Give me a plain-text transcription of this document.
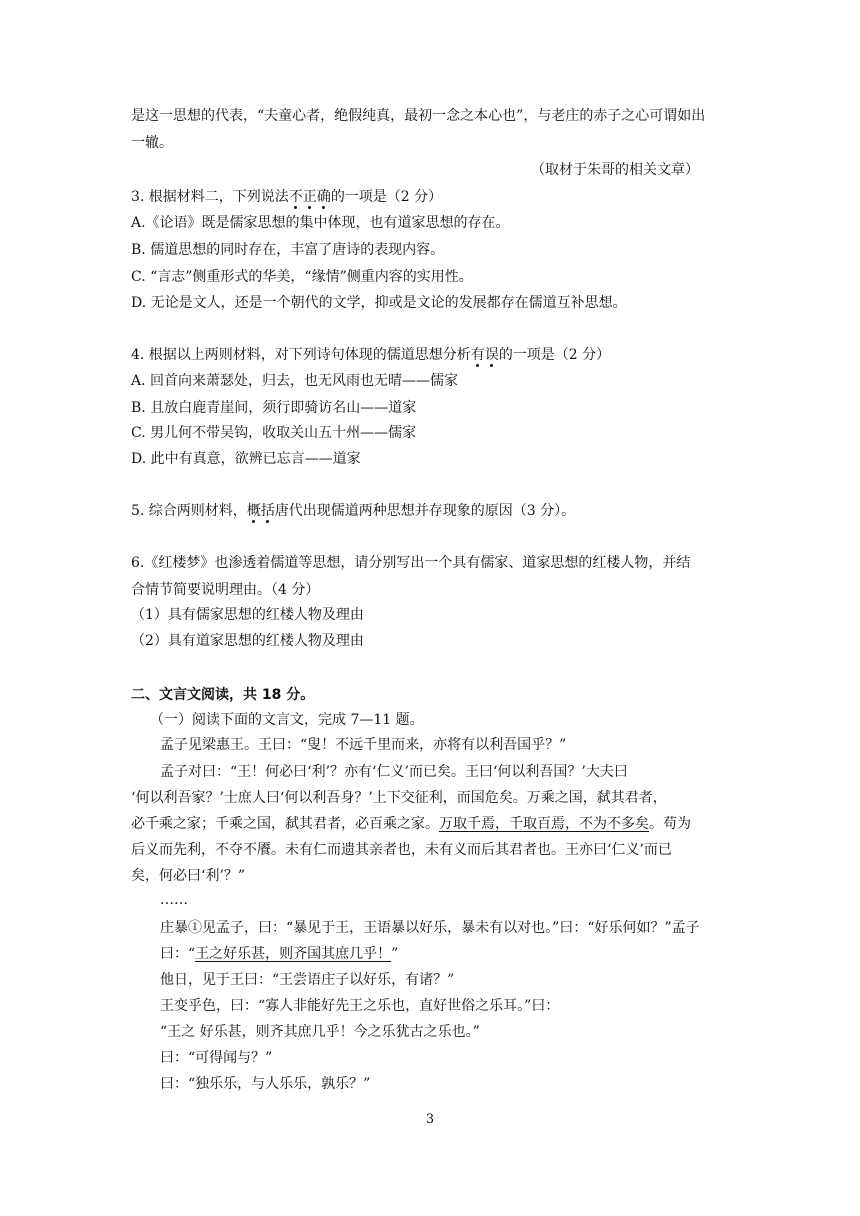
是这一思想的代表，“夫童心者，绝假纯真，最初一念之本心也”，与老庄的赤子之心可谓如出
一辙。
（取材于朱哥的相关文章）
3. 根据材料二，下列说法不正确的一项是（2 分）
A.《论语》既是儒家思想的集中体现，也有道家思想的存在。
B. 儒道思想的同时存在，丰富了唐诗的表现内容。
C. “言志”侧重形式的华美，“缘情”侧重内容的实用性。
D. 无论是文人，还是一个朝代的文学，抑或是文论的发展都存在儒道互补思想。
4. 根据以上两则材料，对下列诗句体现的儒道思想分析有误的一项是（2 分）
A. 回首向来萧瑟处，归去，也无风雨也无晴——儒家
B. 且放白鹿青崖间，须行即骑访名山——道家
C. 男儿何不带吴钩，收取关山五十州——儒家
D. 此中有真意，欲辨已忘言——道家
5. 综合两则材料，概括唐代出现儒道两种思想并存现象的原因（3 分）。
6.《红楼梦》也渗透着儒道等思想，请分别写出一个具有儒家、道家思想的红楼人物，并结
合情节简要说明理由。（4 分）
（1）具有儒家思想的红楼人物及理由
（2）具有道家思想的红楼人物及理由
二、文言文阅读，共 18 分。
（一）阅读下面的文言文，完成 7—11 题。
孟子见梁惠王。王曰：“叟！不远千里而来，亦将有以利吾国乎？”
孟子对曰：“王！何必曰‘利’？亦有‘仁义’而已矣。王曰‘何以利吾国？’大夫曰
‘何以利吾家？’士庶人曰‘何以利吾身？’上下交征利，而国危矣。万乘之国，弑其君者，
必千乘之家；千乘之国，弑其君者，必百乘之家。万取千焉，千取百焉，不为不多矣。苟为
后义而先利，不夺不餍。未有仁而遗其亲者也，未有义而后其君者也。王亦曰‘仁义’而已
矣，何必曰‘利’？”
……
庄暴①见孟子，曰：“暴见于王，王语暴以好乐，暴未有以对也。”曰：“好乐何如？”孟子
曰：“王之好乐甚，则齐国其庶几乎！”
他日，见于王曰：“王尝语庄子以好乐，有诸？”
王变乎色，曰：“寡人非能好先王之乐也，直好世俗之乐耳。”曰：
“王之 好乐甚，则齐其庶几乎！今之乐犹古之乐也。”
曰：“可得闻与？”
曰：“独乐乐，与人乐乐，孰乐？”
3
